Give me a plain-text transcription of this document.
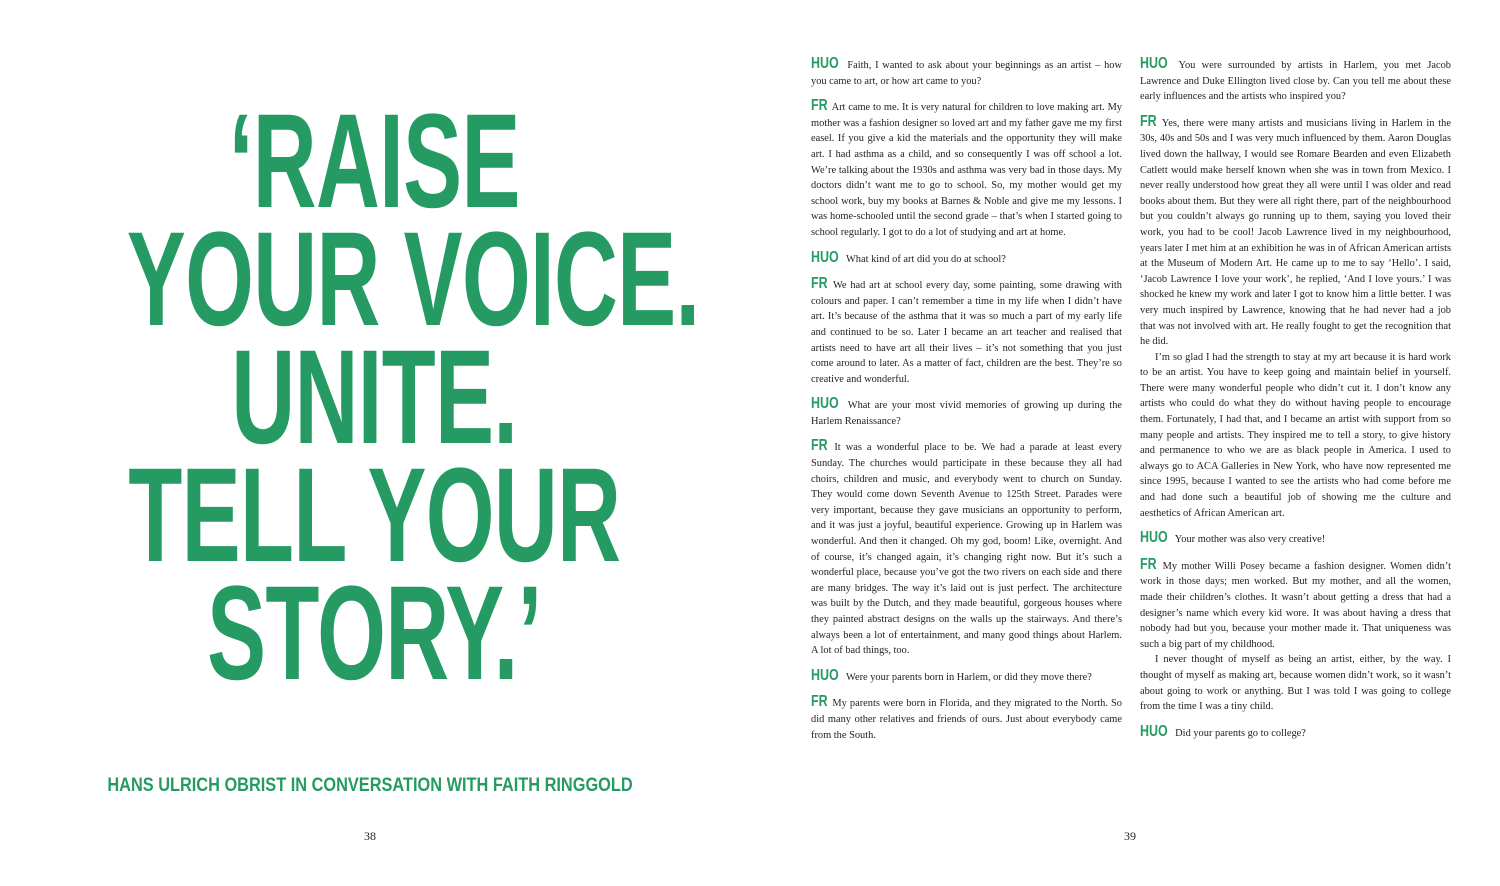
‘RAISE
YOUR VOICE.
UNITE.
TELL YOUR
STORY.’
HANS ULRICH OBRIST IN CONVERSATION WITH FAITH RINGGOLD
38

HUO Faith, I wanted to ask about your beginnings as an artist – how you came to art, or how art came to you?

FR Art came to me. It is very natural for children to love making art. My mother was a fashion designer so loved art and my father gave me my first easel. If you give a kid the materials and the opportunity they will make art. I had asthma as a child, and so consequently I was off school a lot. We’re talking about the 1930s and asthma was very bad in those days. My doctors didn’t want me to go to school. So, my mother would get my school work, buy my books at Barnes & Noble and give me my lessons. I was home-schooled until the second grade – that’s when I started going to school regularly. I got to do a lot of studying and art at home.

HUO What kind of art did you do at school?

FR We had art at school every day, some painting, some drawing with colours and paper. I can’t remember a time in my life when I didn’t have art. It’s because of the asthma that it was so much a part of my early life and continued to be so. Later I became an art teacher and realised that artists need to have art all their lives – it’s not something that you just come around to later. As a matter of fact, children are the best. They’re so creative and wonderful.

HUO What are your most vivid memories of growing up during the Harlem Renaissance?

FR It was a wonderful place to be. We had a parade at least every Sunday. The churches would participate in these because they all had choirs, children and music, and everybody went to church on Sunday. They would come down Seventh Avenue to 125th Street. Parades were very important, because they gave musicians an opportunity to perform, and it was just a joyful, beautiful experience. Growing up in Harlem was wonderful. And then it changed. Oh my god, boom! Like, overnight. And of course, it’s changed again, it’s changing right now. But it’s such a wonderful place, because you’ve got the two rivers on each side and there are many bridges. The way it’s laid out is just perfect. The architecture was built by the Dutch, and they made beautiful, gorgeous houses where they painted abstract designs on the walls up the stairways. And there’s always been a lot of entertainment, and many good things about Harlem. A lot of bad things, too.

HUO Were your parents born in Harlem, or did they move there?

FR My parents were born in Florida, and they migrated to the North. So did many other relatives and friends of ours. Just about everybody came from the South.

HUO You were surrounded by artists in Harlem, you met Jacob Lawrence and Duke Ellington lived close by. Can you tell me about these early influences and the artists who inspired you?

FR Yes, there were many artists and musicians living in Harlem in the 30s, 40s and 50s and I was very much influenced by them. Aaron Douglas lived down the hallway, I would see Romare Bearden and even Elizabeth Catlett would make herself known when she was in town from Mexico. I never really understood how great they all were until I was older and read books about them. But they were all right there, part of the neighbourhood but you couldn’t always go running up to them, saying you loved their work, you had to be cool! Jacob Lawrence lived in my neighbourhood, years later I met him at an exhibition he was in of African American artists at the Museum of Modern Art. He came up to me to say ‘Hello’. I said, ‘Jacob Lawrence I love your work’, he replied, ‘And I love yours.’ I was shocked he knew my work and later I got to know him a little better. I was very much inspired by Lawrence, knowing that he had never had a job that was not involved with art. He really fought to get the recognition that he did.

I’m so glad I had the strength to stay at my art because it is hard work to be an artist. You have to keep going and maintain belief in yourself. There were many wonderful people who didn’t cut it. I don’t know any artists who could do what they do without having people to encourage them. Fortunately, I had that, and I became an artist with support from so many people and artists. They inspired me to tell a story, to give history and permanence to who we are as black people in America. I used to always go to ACA Galleries in New York, who have now represented me since 1995, because I wanted to see the artists who had come before me and had done such a beautiful job of showing me the culture and aesthetics of African American art.

HUO Your mother was also very creative!

FR My mother Willi Posey became a fashion designer. Women didn’t work in those days; men worked. But my mother, and all the women, made their children’s clothes. It wasn’t about getting a dress that had a designer’s name which every kid wore. It was about having a dress that nobody had but you, because your mother made it. That uniqueness was such a big part of my childhood.

I never thought of myself as being an artist, either, by the way. I thought of myself as making art, because women didn’t work, so it wasn’t about going to work or anything. But I was told I was going to college from the time I was a tiny child.

HUO Did your parents go to college?

39
